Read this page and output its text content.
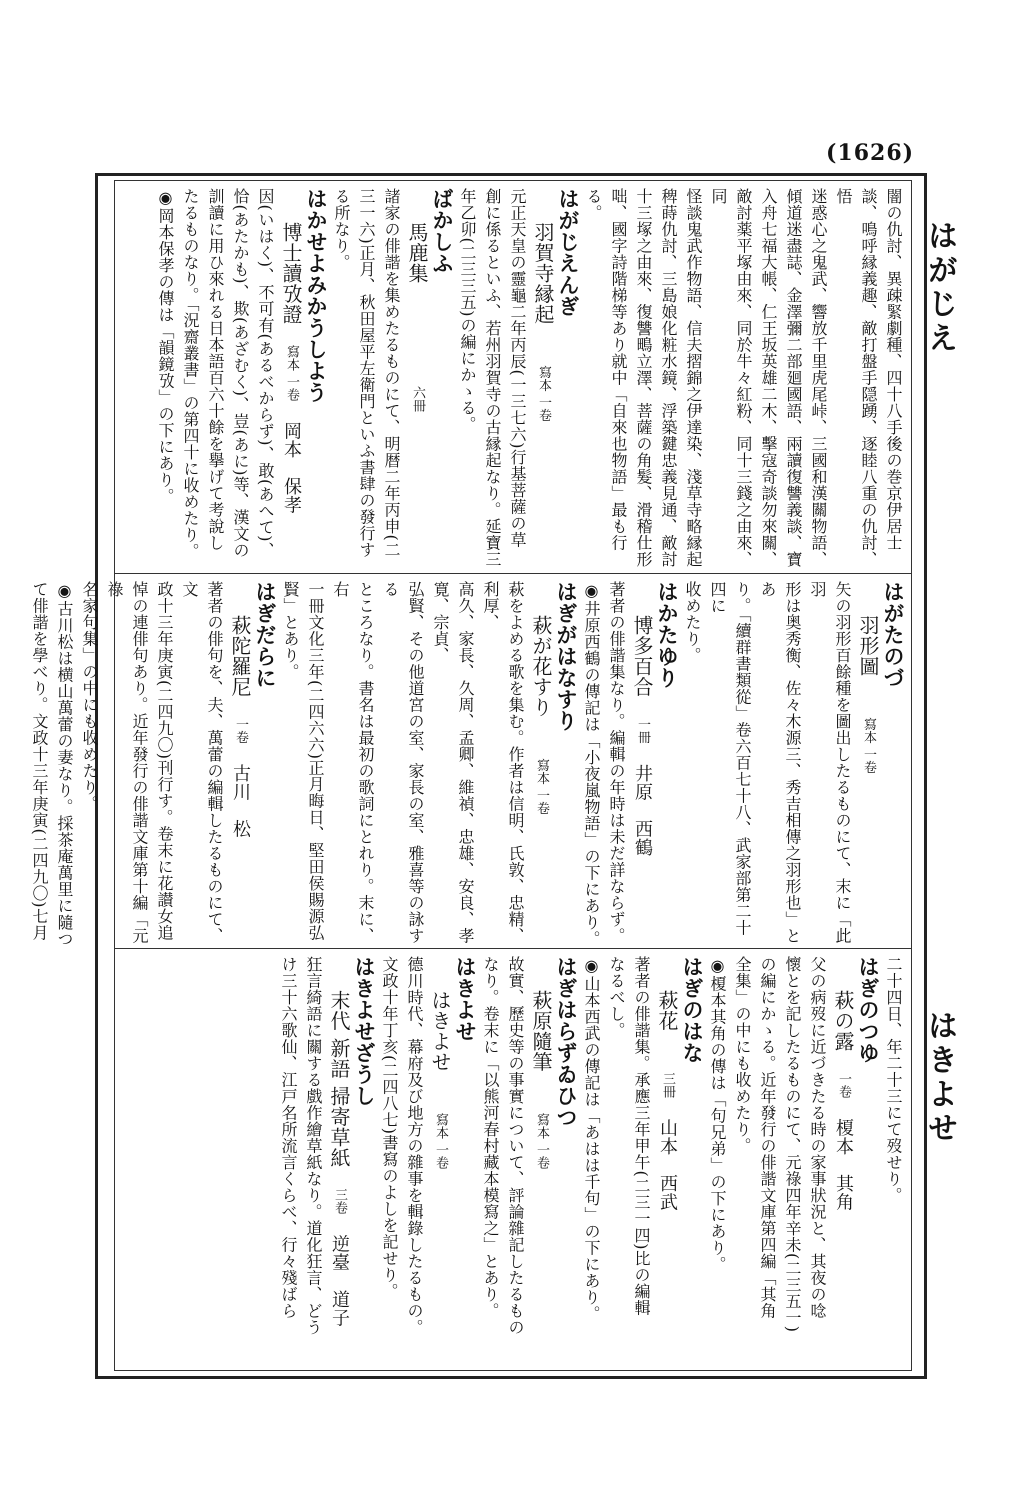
(1626)
はがじえ
はきよせ

闇の仇討、異疎緊劇種、四十八手後の巻京伊居士

談、鳴呼縁義趣、敵打盤手隠踴、逐睦八重の仇討、悟

迷惑心之鬼武、響放千里虎尾峠、三國和漢關物語、

傾道迷盡誌、金澤彌二部廻國語、兩讀復讐義談、寶

入舟七福大帳、仁王坂英雄二木、擊寇奇談勿來關、

敵討薬平塚由來、同於牛々紅粉、同十三錢之由來、同

怪談鬼武作物語、信夫摺錦之伊達染、淺草寺略縁起

稗蒔仇討、三島娘化粧水鏡、浮築鍵忠義見通、敵討

十三塚之由來、復讐鴫立澤、菩薩の角髮、滑稽仕形

咄、國字詩階梯等あり就中「自來也物語」最も行る。

はがじえんぎ

羽賀寺縁起　　寫本 一卷

元正天皇の靈龜二年丙辰(一三七六)行基菩薩の草

創に係るといふ、若州羽賀寺の古縁起なり。延寶三

年乙卯(二三三五)の編にかゝる。

ばかしふ

馬鹿集　　　　　六冊

諸家の俳諧を集めたるものにて、明暦二年丙申(二

三一六)正月、秋田屋平左衛門といふ書肆の發行す

る所なり。

はかせよみかうしよう

博士讀攷證　寫本 一卷　岡本　保孝

因(いはく)、不可有(あるべからず)、敢(あへて)、

恰(あたかも)、欺(あざむく)、豈(あに)等、漢文の

訓讀に用ひ來れる日本語百六十餘を擧げて考說し

たるものなり。「況齋叢書」の第四十に收めたり。

◉岡本保孝の傳は「韻鏡攷」の下にあり。

はがたのづ

羽形圖　　寫本 一卷

矢の羽形百餘種を圖出したるものにて、末に「此羽

形は奥秀衡、佐々木源三、秀吉相傳之羽形也」とあ

り。「續群書類從」卷六百七十八、武家部第二十四に

收めたり。

はかたゆり

博多百合　一冊　井原　西鶴

著者の俳諧集なり。編輯の年時は未だ詳ならず。

◉井原西鶴の傳記は「小夜嵐物語」の下にあり。

はぎがはなすり

萩が花すり　　寫本 一卷

萩をよめる歌を集む。作者は信明、氏敦、忠精、利厚、

高久、家長、久周、孟卿、維禎、忠雄、安良、孝寛、宗貞、

弘賢、その他道宮の室、家長の室、雅喜等の詠する

ところなり。書名は最初の歌詞にとれり。末に、右

一冊文化三年(二四六六)正月晦日、堅田侯賜源弘

賢」とあり。

はぎだらに

萩陀羅尼　一卷　古川　松

著者の俳句を、夫、萬蕾の編輯したるものにて、文

政十三年庚寅(二四九〇)刊行す。卷末に花讃女追

悼の連俳句あり。近年發行の俳諧文庫第十編「元祿

名家句集」の中にも收めたり。

◉古川松は横山萬蕾の妻なり。採茶庵萬里に隨つ

て俳諧を學べり。文政十三年庚寅(二四九〇)七月

二十四日、年二十三にて歿せり。

はぎのつゆ

萩の露　一卷　榎本　其角

父の病歿に近づきたる時の家事狀況と、其夜の唸

懷とを記したるものにて、元祿四年辛未(二三五一)

の編にかゝる。近年發行の俳諧文庫第四編「其角

全集」の中にも收めたり。

◉榎本其角の傳は「句兄弟」の下にあり。

はぎのはな

萩花　　三冊　山本　西武

著者の俳諧集。承應三年甲午(二三一四)比の編輯

なるべし。

◉山本西武の傳記は「あはは千句」の下にあり。

はぎはらずゐひつ

萩原隨筆　　寫本 一卷

故實、歷史等の事實について、評論雜記したるもの

なり。卷末に「以熊河春村藏本模寫之」とあり。

はきよせ

はきよせ　　寫本 一卷

德川時代、幕府及び地方の雜事を輯錄したるもの。

文政十年丁亥(二四八七)書寫のよしを記せり。

はきよせざうし

末代 新語 掃寄草紙　三卷　逆臺　道子

狂言綺語に關する戲作繪草紙なり。道化狂言、どう

け三十六歌仙、江戸名所流言くらべ、行々殘ばら
